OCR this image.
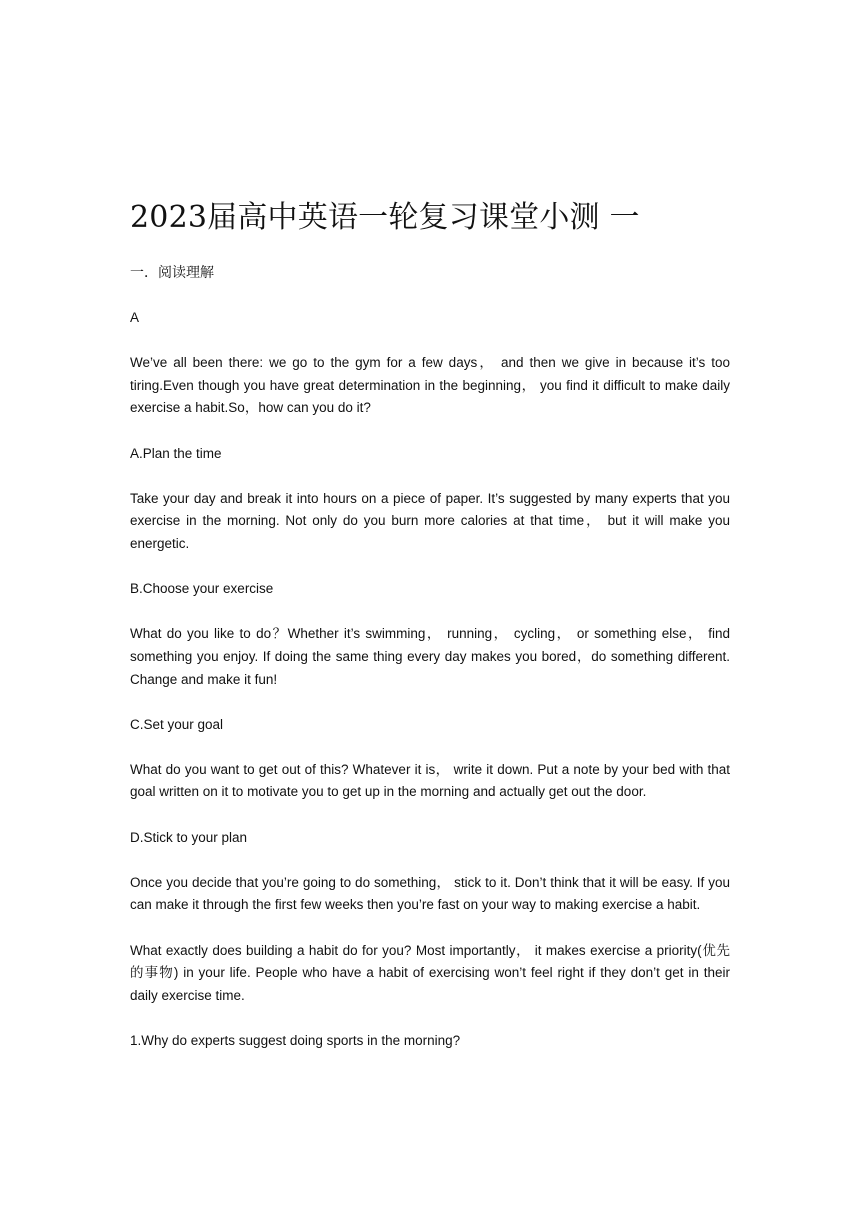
2023届高中英语一轮复习课堂小测 一
一．阅读理解
A
We’ve all been there: we go to the gym for a few days， and then we give in because it’s too tiring.Even though you have great determination in the beginning， you find it difficult to make daily exercise a habit.So，how can you do it?
A.Plan the time
Take your day and break it into hours on a piece of paper. It’s suggested by many experts that you exercise in the morning. Not only do you burn more calories at that time， but it will make you energetic.
B.Choose your exercise
What do you like to do？Whether it’s swimming， running， cycling， or something else， find something you enjoy. If doing the same thing every day makes you bored，do something different. Change and make it fun!
C.Set your goal
What do you want to get out of this? Whatever it is， write it down. Put a note by your bed with that goal written on it to motivate you to get up in the morning and actually get out the door.
D.Stick to your plan
Once you decide that you’re going to do something， stick to it. Don’t think that it will be easy. If you can make it through the first few weeks then you’re fast on your way to making exercise a habit.
What exactly does building a habit do for you? Most importantly， it makes exercise a priority(优先的事物) in your life. People who have a habit of exercising won’t feel right if they don’t get in their daily exercise time.
1.Why do experts suggest doing sports in the morning?
